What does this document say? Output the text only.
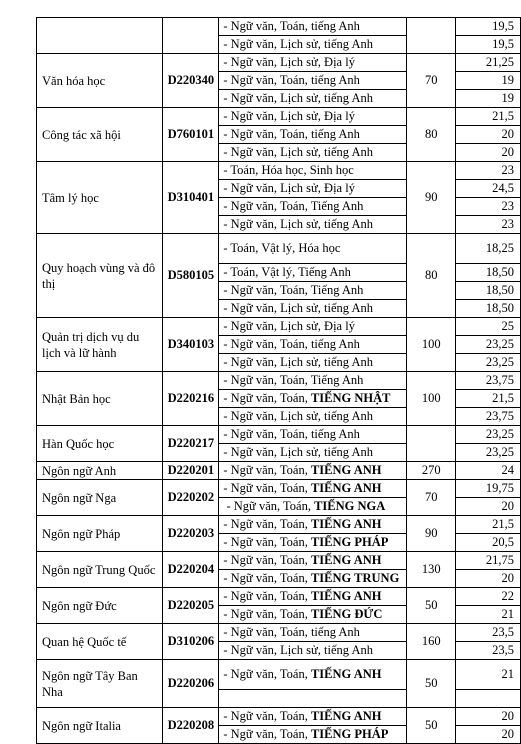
		- Ngữ văn, Toán, tiếng Anh		19,5
		- Ngữ văn, Lịch sử, tiếng Anh		19,5
Văn hóa học	D220340	- Ngữ văn, Lịch sử, Địa lý	70	21,25
		- Ngữ văn, Toán, tiếng Anh		19
		- Ngữ văn, Lịch sử, tiếng Anh		19
Công tác xã hội	D760101	- Ngữ văn, Lịch sử, Địa lý	80	21,5
		- Ngữ văn, Toán, tiếng Anh		20
		- Ngữ văn, Lịch sử, tiếng Anh		20
Tâm lý học	D310401	- Toán, Hóa học, Sinh học	90	23
		- Ngữ văn, Lịch sử, Địa lý		24,5
		- Ngữ văn, Toán, Tiếng Anh		23
		- Ngữ văn, Lịch sử, tiếng Anh		23
Quy hoạch vùng và đô thị	D580105	- Toán, Vật lý, Hóa học	80	18,25
		- Toán, Vật lý, Tiếng Anh		18,50
		- Ngữ văn, Toán, Tiếng Anh		18,50
		- Ngữ văn, Lịch sử, tiếng Anh		18,50
Quản trị dịch vụ du lịch và lữ hành	D340103	- Ngữ văn, Lịch sử, Địa lý	100	25
		- Ngữ văn, Toán, tiếng Anh		23,25
		- Ngữ văn, Lịch sử, tiếng Anh		23,25
Nhật Bản học	D220216	- Ngữ văn, Toán, Tiếng Anh	100	23,75
		- Ngữ văn, Toán, TIẾNG NHẬT		21,5
		- Ngữ văn, Lịch sử, tiếng Anh		23,75
Hàn Quốc học	D220217	- Ngữ văn, Toán, tiếng Anh		23,25
		- Ngữ văn, Lịch sử, tiếng Anh		23,25
Ngôn ngữ Anh	D220201	- Ngữ văn, Toán, TIẾNG ANH	270	24
Ngôn ngữ Nga	D220202	- Ngữ văn, Toán, TIẾNG ANH	70	19,75
		- Ngữ văn, Toán, TIẾNG NGA		20
Ngôn ngữ Pháp	D220203	- Ngữ văn, Toán, TIẾNG ANH	90	21,5
		- Ngữ văn, Toán, TIẾNG PHÁP		20,5
Ngôn ngữ Trung Quốc	D220204	- Ngữ văn, Toán, TIẾNG ANH	130	21,75
		- Ngữ văn, Toán, TIẾNG TRUNG		20
Ngôn ngữ Đức	D220205	- Ngữ văn, Toán, TIẾNG ANH	50	22
		- Ngữ văn, Toán, TIẾNG ĐỨC		21
Quan hệ Quốc tế	D310206	- Ngữ văn, Toán, tiếng Anh	160	23,5
		- Ngữ văn, Lịch sử, tiếng Anh		23,5
Ngôn ngữ Tây Ban Nha	D220206	- Ngữ văn, Toán, TIẾNG ANH	50	21

Ngôn ngữ Italia	D220208	- Ngữ văn, Toán, TIẾNG ANH	50	20
		- Ngữ văn, Toán, TIẾNG PHÁP		20
